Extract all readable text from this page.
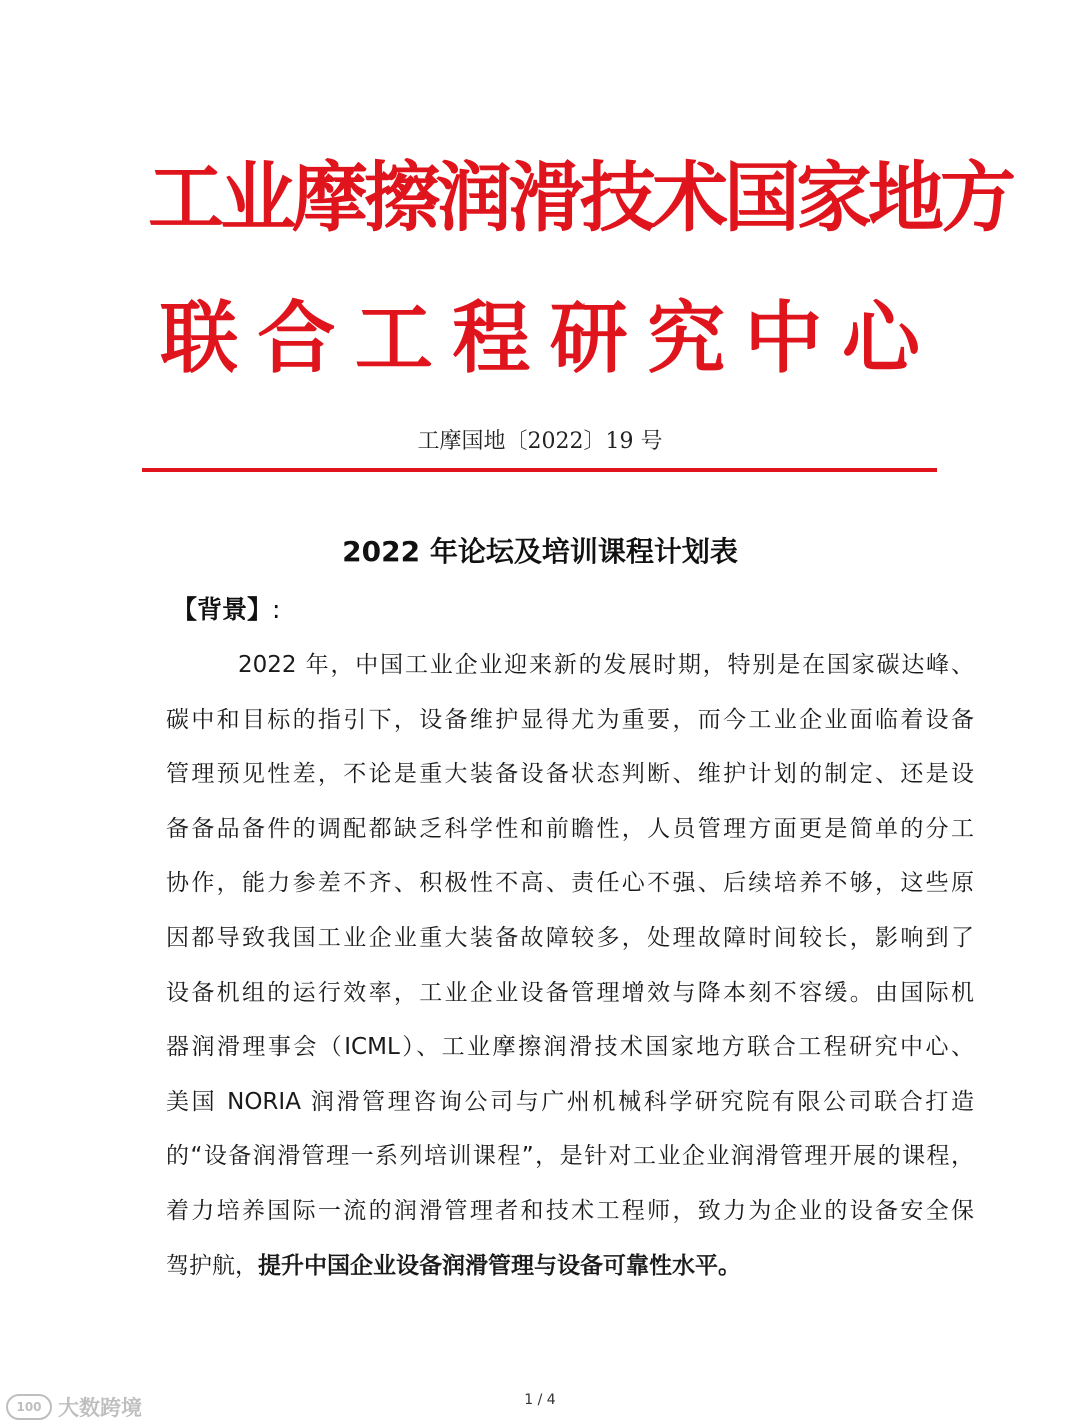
工业摩擦润滑技术国家地方
联合工程研究中心
工摩国地〔2022〕19 号
2022 年论坛及培训课程计划表
【背景】:
2022 年，中国工业企业迎来新的发展时期，特别是在国家碳达峰、
碳中和目标的指引下，设备维护显得尤为重要，而今工业企业面临着设备
管理预见性差，不论是重大装备设备状态判断、维护计划的制定、还是设
备备品备件的调配都缺乏科学性和前瞻性，人员管理方面更是简单的分工
协作，能力参差不齐、积极性不高、责任心不强、后续培养不够，这些原
因都导致我国工业企业重大装备故障较多，处理故障时间较长，影响到了
设备机组的运行效率，工业企业设备管理增效与降本刻不容缓。由国际机
器润滑理事会（ICML）、工业摩擦润滑技术国家地方联合工程研究中心、
美国 NORIA 润滑管理咨询公司与广州机械科学研究院有限公司联合打造
的“设备润滑管理一系列培训课程”，是针对工业企业润滑管理开展的课程，
着力培养国际一流的润滑管理者和技术工程师，致力为企业的设备安全保
驾护航，提升中国企业设备润滑管理与设备可靠性水平。
100 大数跨境	1 / 4
